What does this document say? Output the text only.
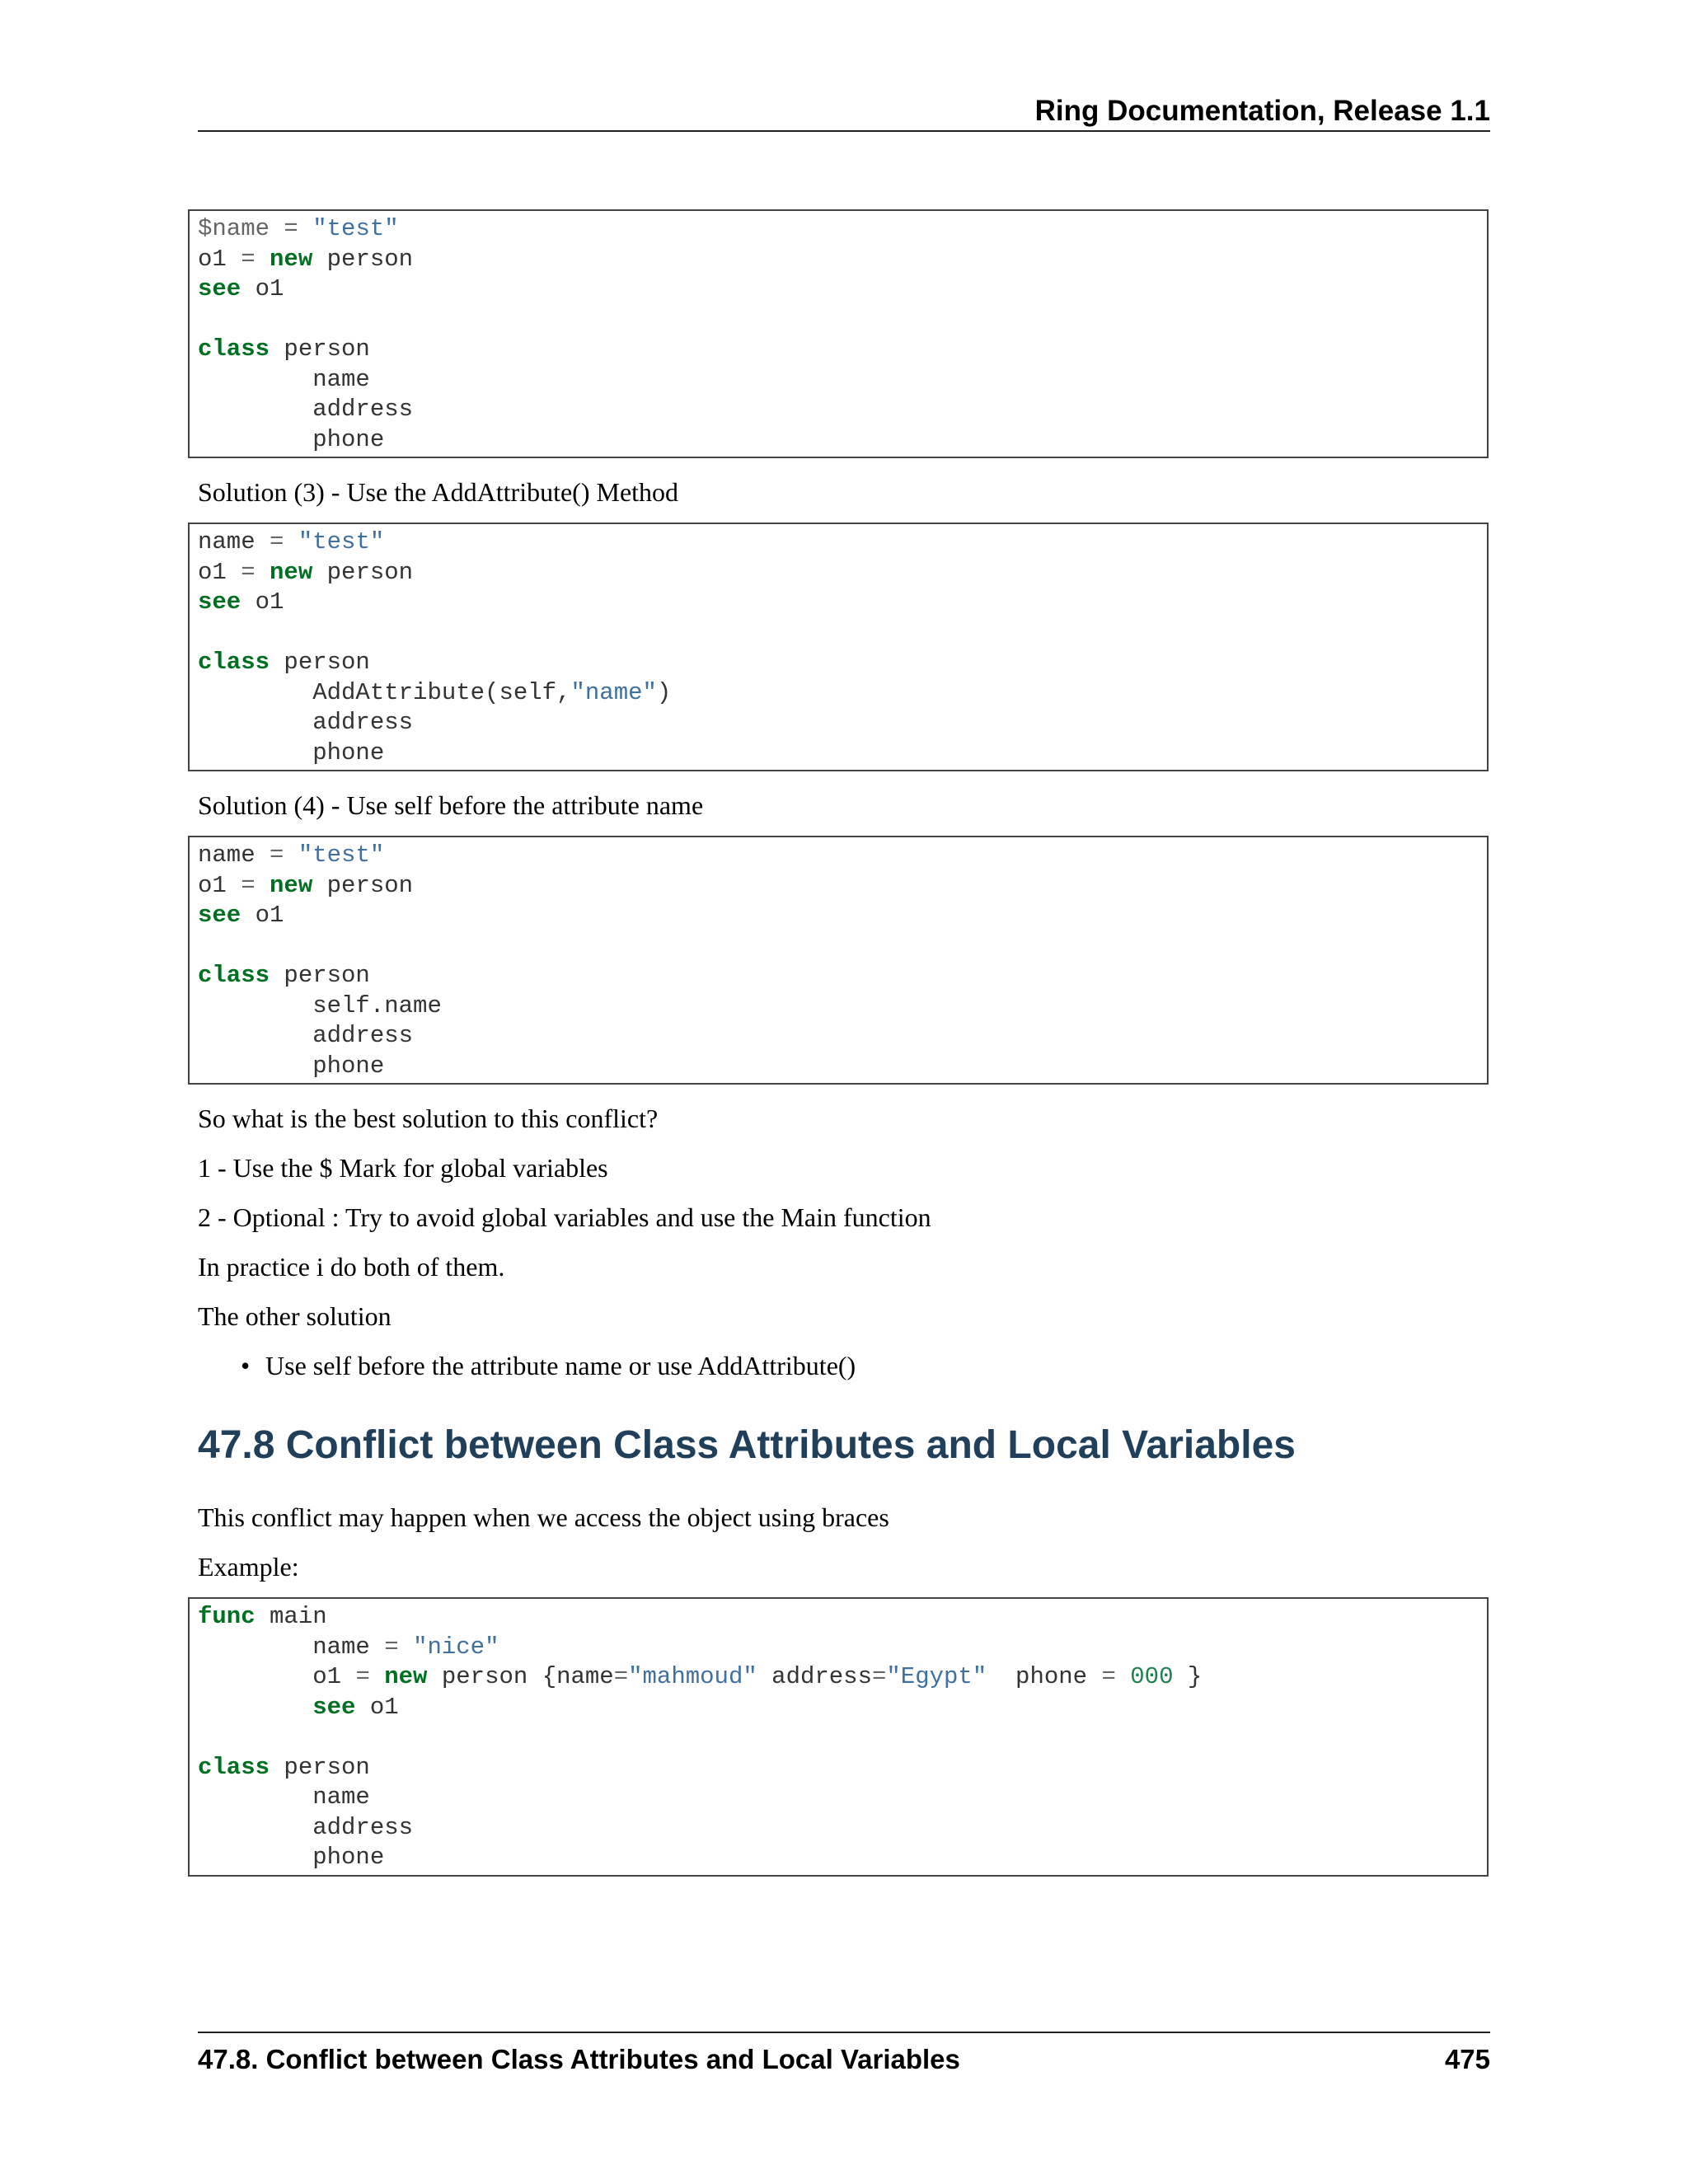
Ring Documentation, Release 1.1
$name = "test"
o1 = new person
see o1

class person
name
address
phone

Solution (3) - Use the AddAttribute() Method

name = "test"
o1 = new person
see o1

class person
AddAttribute(self,"name")
address
phone

Solution (4) - Use self before the attribute name

name = "test"
o1 = new person
see o1

class person
self.name
address
phone

So what is the best solution to this conflict?

1 - Use the $ Mark for global variables

2 - Optional : Try to avoid global variables and use the Main function

In practice i do both of them.

The other solution

• Use self before the attribute name or use AddAttribute()
47.8 Conflict between Class Attributes and Local Variables

This conflict may happen when we access the object using braces

Example:

func main
name = "nice"
o1 = new person {name="mahmoud" address="Egypt"  phone = 000 }
see o1

class person
name
address
phone
47.8. Conflict between Class Attributes and Local Variables	475
